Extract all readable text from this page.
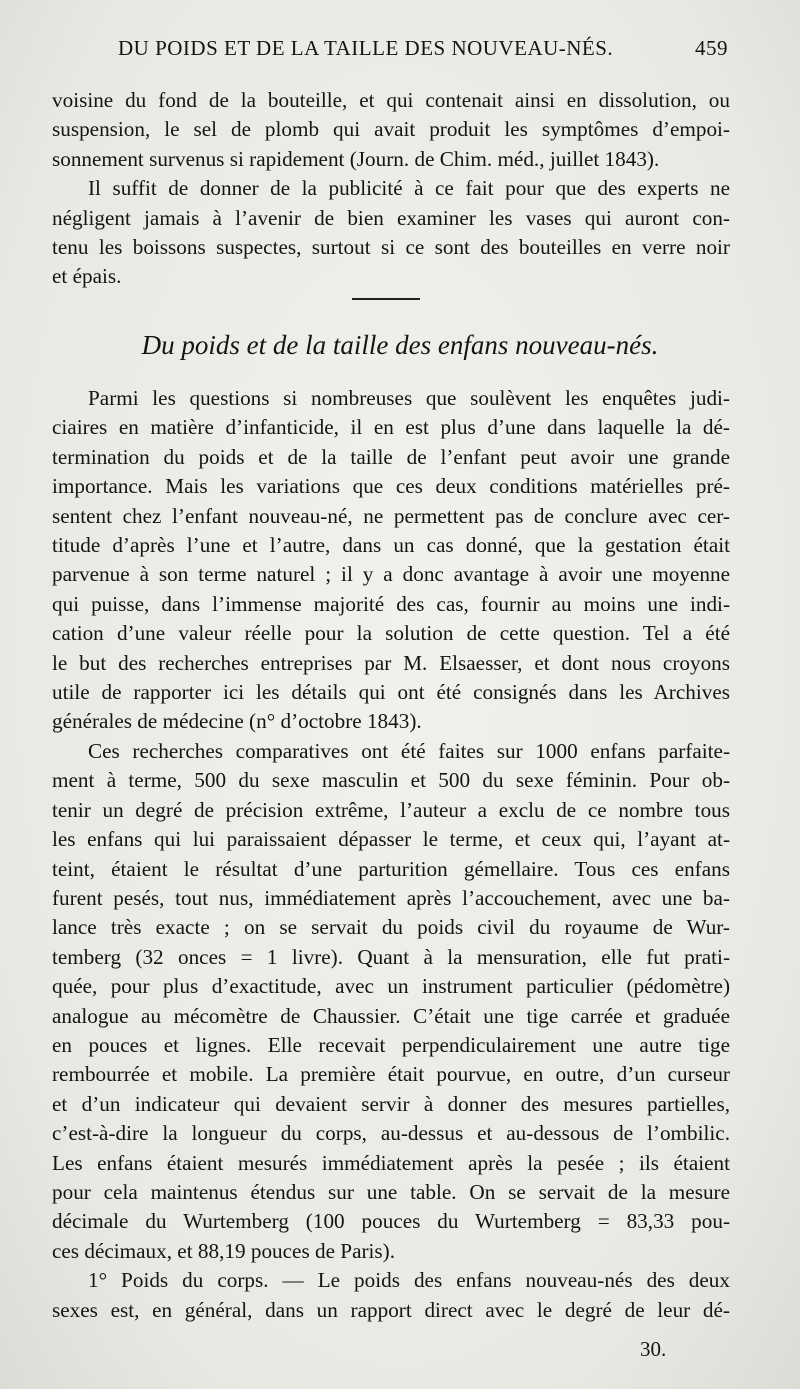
DU POIDS ET DE LA TAILLE DES NOUVEAU-NÉS.	459
voisine du fond de la bouteille, et qui contenait ainsi en dissolution, ou
suspension, le sel de plomb qui avait produit les symptômes d’empoi-
sonnement survenus si rapidement (Journ. de Chim. méd., juillet 1843).
Il suffit de donner de la publicité à ce fait pour que des experts ne
négligent jamais à l’avenir de bien examiner les vases qui auront con-
tenu les boissons suspectes, surtout si ce sont des bouteilles en verre noir
et épais.
Du poids et de la taille des enfans nouveau-nés.
Parmi les questions si nombreuses que soulèvent les enquêtes judi-
ciaires en matière d’infanticide, il en est plus d’une dans laquelle la dé-
termination du poids et de la taille de l’enfant peut avoir une grande
importance. Mais les variations que ces deux conditions matérielles pré-
sentent chez l’enfant nouveau-né, ne permettent pas de conclure avec cer-
titude d’après l’une et l’autre, dans un cas donné, que la gestation était
parvenue à son terme naturel ; il y a donc avantage à avoir une moyenne
qui puisse, dans l’immense majorité des cas, fournir au moins une indi-
cation d’une valeur réelle pour la solution de cette question. Tel a été
le but des recherches entreprises par M. Elsaesser, et dont nous croyons
utile de rapporter ici les détails qui ont été consignés dans les Archives
générales de médecine (n° d’octobre 1843).
Ces recherches comparatives ont été faites sur 1000 enfans parfaite-
ment à terme, 500 du sexe masculin et 500 du sexe féminin. Pour ob-
tenir un degré de précision extrême, l’auteur a exclu de ce nombre tous
les enfans qui lui paraissaient dépasser le terme, et ceux qui, l’ayant at-
teint, étaient le résultat d’une parturition gémellaire. Tous ces enfans
furent pesés, tout nus, immédiatement après l’accouchement, avec une ba-
lance très exacte ; on se servait du poids civil du royaume de Wur-
temberg (32 onces = 1 livre). Quant à la mensuration, elle fut prati-
quée, pour plus d’exactitude, avec un instrument particulier (pédomètre)
analogue au mécomètre de Chaussier. C’était une tige carrée et graduée
en pouces et lignes. Elle recevait perpendiculairement une autre tige
rembourrée et mobile. La première était pourvue, en outre, d’un curseur
et d’un indicateur qui devaient servir à donner des mesures partielles,
c’est-à-dire la longueur du corps, au-dessus et au-dessous de l’ombilic.
Les enfans étaient mesurés immédiatement après la pesée ; ils étaient
pour cela maintenus étendus sur une table. On se servait de la mesure
décimale du Wurtemberg (100 pouces du Wurtemberg = 83,33 pou-
ces décimaux, et 88,19 pouces de Paris).
1° Poids du corps. — Le poids des enfans nouveau-nés des deux
sexes est, en général, dans un rapport direct avec le degré de leur dé-
30.
